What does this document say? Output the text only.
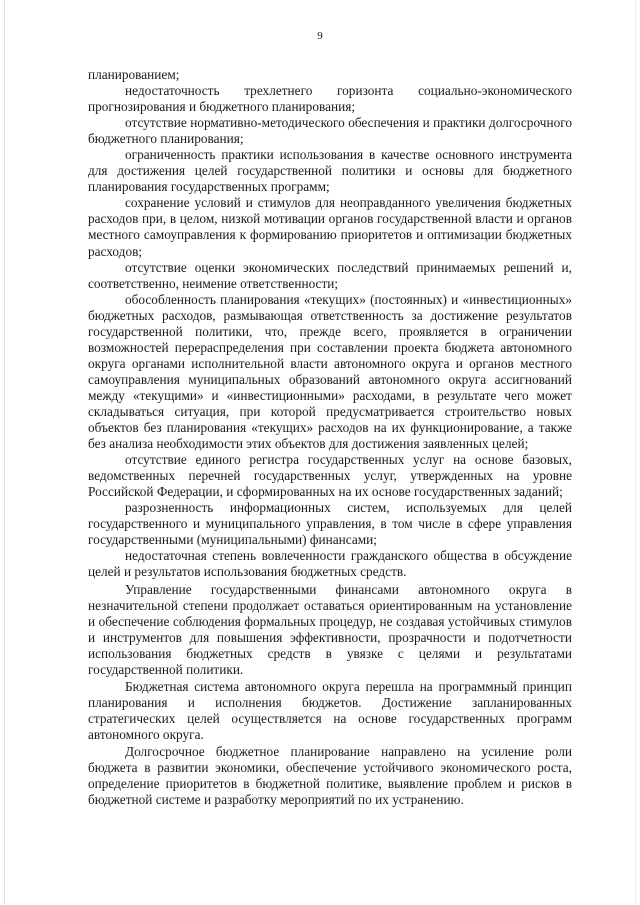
9

планированием;

недостаточность трехлетнего горизонта социально-экономического прогнозирования и бюджетного планирования;

отсутствие нормативно-методического обеспечения и практики долгосрочного бюджетного планирования;

ограниченность практики использования в качестве основного инструмента для достижения целей государственной политики и основы для бюджетного планирования государственных программ;

сохранение условий и стимулов для неоправданного увеличения бюджетных расходов при, в целом, низкой мотивации органов государственной власти и органов местного самоуправления к формированию приоритетов и оптимизации бюджетных расходов;

отсутствие оценки экономических последствий принимаемых решений и, соответственно, неимение ответственности;

обособленность планирования «текущих» (постоянных) и «инвестиционных» бюджетных расходов, размывающая ответственность за достижение результатов государственной политики, что, прежде всего, проявляется в ограничении возможностей перераспределения при составлении проекта бюджета автономного округа органами исполнительной власти автономного округа и органов местного самоуправления муниципальных образований автономного округа ассигнований между «текущими» и «инвестиционными» расходами, в результате чего может складываться ситуация, при которой предусматривается строительство новых объектов без планирования «текущих» расходов на их функционирование, а также без анализа необходимости этих объектов для достижения заявленных целей;

отсутствие единого регистра государственных услуг на основе базовых, ведомственных перечней государственных услуг, утвержденных на уровне Российской Федерации, и сформированных на их основе государственных заданий;

разрозненность информационных систем, используемых для целей государственного и муниципального управления, в том числе в сфере управления государственными (муниципальными) финансами;

недостаточная степень вовлеченности гражданского общества в обсуждение целей и результатов использования бюджетных средств.

Управление государственными финансами автономного округа в незначительной степени продолжает оставаться ориентированным на установление и обеспечение соблюдения формальных процедур, не создавая устойчивых стимулов и инструментов для повышения эффективности, прозрачности и подотчетности использования бюджетных средств в увязке с целями и результатами государственной политики.

Бюджетная система автономного округа перешла на программный принцип планирования и исполнения бюджетов. Достижение запланированных стратегических целей осуществляется на основе государственных программ автономного округа.

Долгосрочное бюджетное планирование направлено на усиление роли бюджета в развитии экономики, обеспечение устойчивого экономического роста, определение приоритетов в бюджетной политике, выявление проблем и рисков в бюджетной системе и разработку мероприятий по их устранению.
